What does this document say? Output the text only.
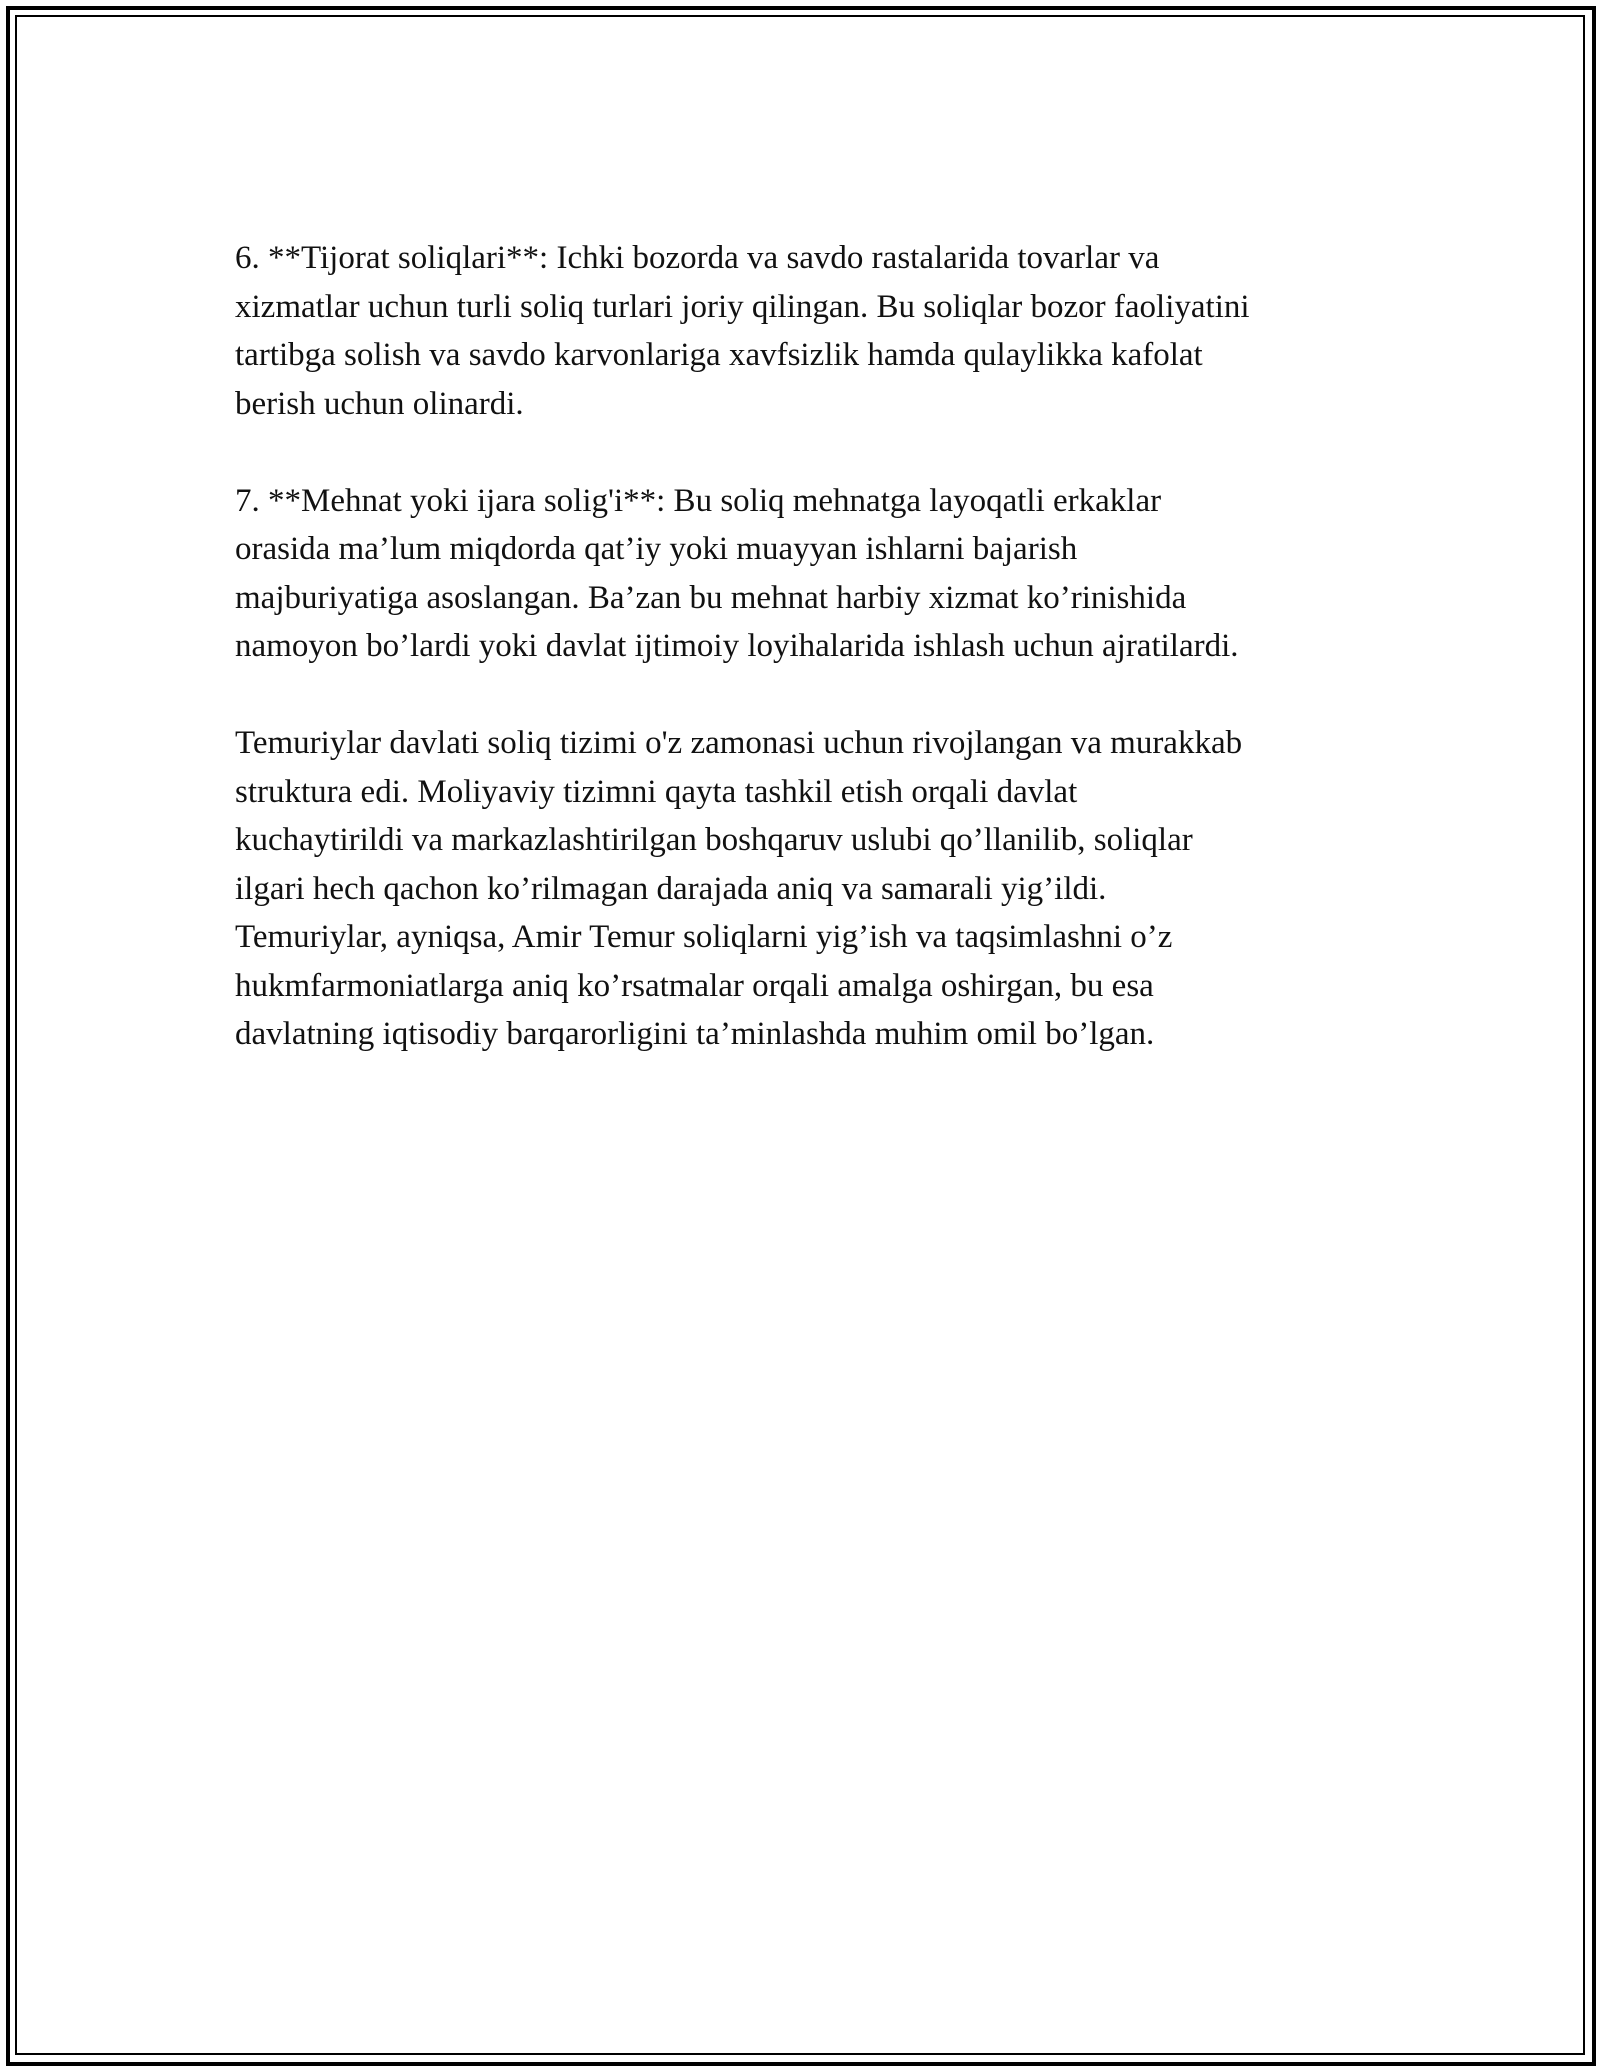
6. **Tijorat soliqlari**: Ichki bozorda va savdo rastalarida tovarlar va
xizmatlar uchun turli soliq turlari joriy qilingan. Bu soliqlar bozor faoliyatini
tartibga solish va savdo karvonlariga xavfsizlik hamda qulaylikka kafolat
berish uchun olinardi.

7. **Mehnat yoki ijara solig'i**: Bu soliq mehnatga layoqatli erkaklar
orasida ma’lum miqdorda qat’iy yoki muayyan ishlarni bajarish
majburiyatiga asoslangan. Ba’zan bu mehnat harbiy xizmat ko’rinishida
namoyon bo’lardi yoki davlat ijtimoiy loyihalarida ishlash uchun ajratilardi.

Temuriylar davlati soliq tizimi o'z zamonasi uchun rivojlangan va murakkab
struktura edi. Moliyaviy tizimni qayta tashkil etish orqali davlat
kuchaytirildi va markazlashtirilgan boshqaruv uslubi qo’llanilib, soliqlar
ilgari hech qachon ko’rilmagan darajada aniq va samarali yig’ildi.
Temuriylar, ayniqsa, Amir Temur soliqlarni yig’ish va taqsimlashni o’z
hukmfarmoniatlarga aniq ko’rsatmalar orqali amalga oshirgan, bu esa
davlatning iqtisodiy barqarorligini ta’minlashda muhim omil bo’lgan.
